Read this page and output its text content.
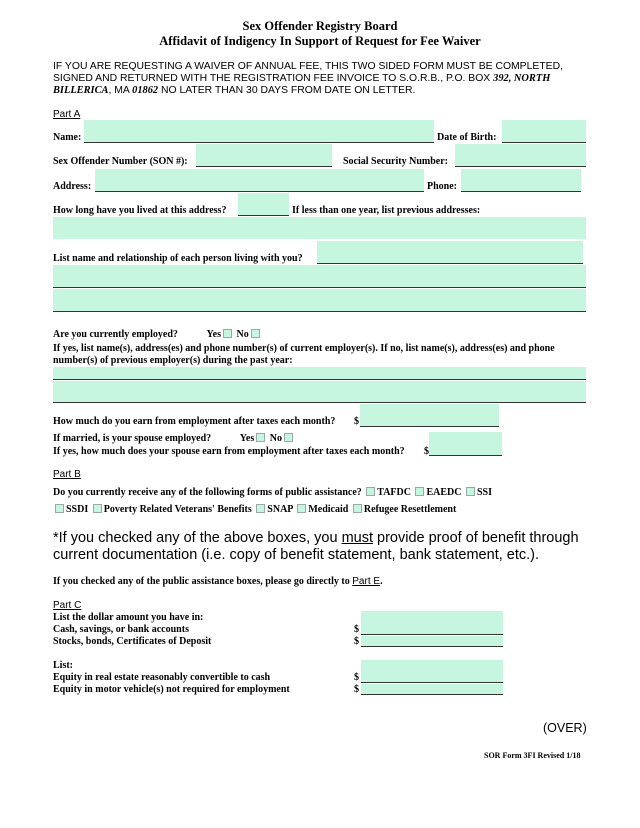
Sex Offender Registry Board
Affidavit of Indigency In Support of Request for Fee Waiver
IF YOU ARE REQUESTING A WAIVER OF ANNUAL FEE, THIS TWO SIDED FORM MUST BE COMPLETED,
SIGNED AND RETURNED WITH THE REGISTRATION FEE INVOICE TO S.O.R.B., P.O. BOX 392, NORTH
BILLERICA, MA 01862 NO LATER THAN 30 DAYS FROM DATE ON LETTER.
Part A
Name:	Date of Birth:
Sex Offender Number (SON #):	Social Security Number:
Address:	Phone:
How long have you lived at this address?	If less than one year, list previous addresses:
List name and relationship of each person living with you?
Are you currently employed?	Yes No
If yes, list name(s), address(es) and phone number(s) of current employer(s). If no, list name(s), address(es) and phone
number(s) of previous employer(s) during the past year:
How much do you earn from employment after taxes each month? $
If married, is your spouse employed?	Yes No
If yes, how much does your spouse earn from employment after taxes each month? $
Part B
Do you currently receive any of the following forms of public assistance? TAFDC EAEDC SSI
SSDI Poverty Related Veterans' Benefits SNAP Medicaid Refugee Resettlement
*If you checked any of the above boxes, you must provide proof of benefit through
current documentation (i.e. copy of benefit statement, bank statement, etc.).
If you checked any of the public assistance boxes, please go directly to Part E.
Part C
List the dollar amount you have in:
Cash, savings, or bank accounts	$
Stocks, bonds, Certificates of Deposit	$
List:
Equity in real estate reasonably convertible to cash	$
Equity in motor vehicle(s) not required for employment	$
(OVER)
SOR Form 3FI Revised 1/18
